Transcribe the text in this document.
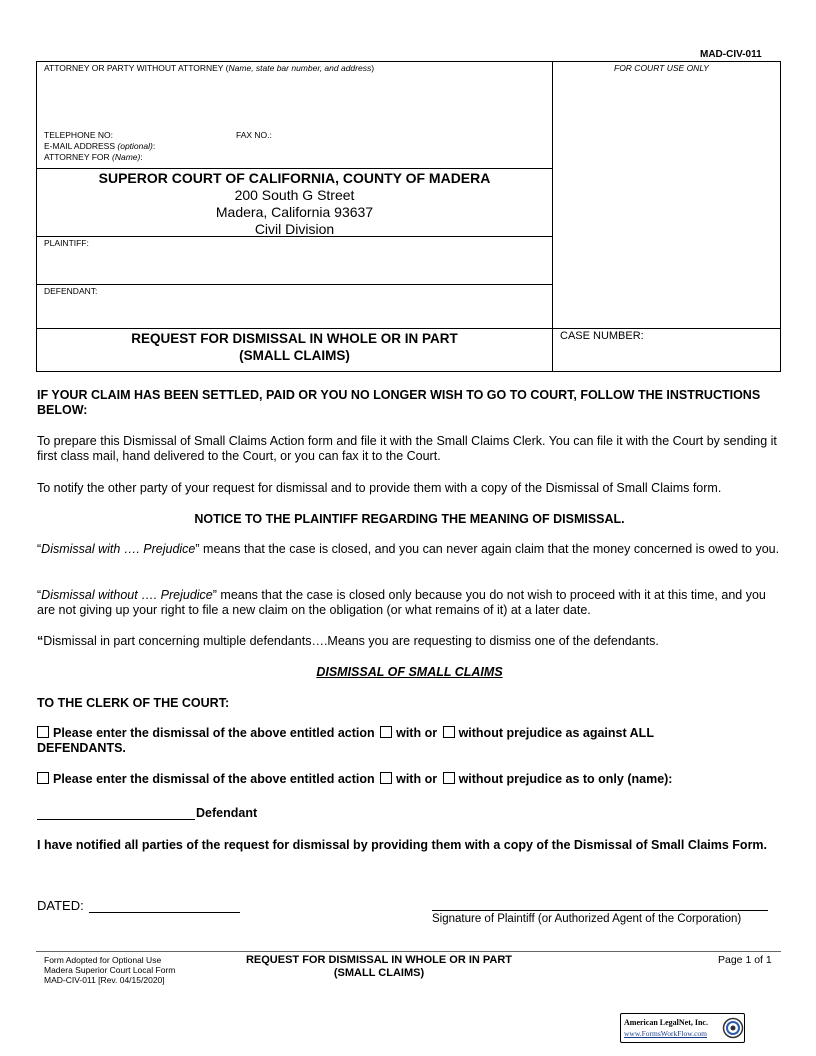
MAD-CIV-011
ATTORNEY OR PARTY WITHOUT ATTORNEY (Name, state bar number, and address)	FOR COURT USE ONLY
TELEPHONE NO:	FAX NO.:
E-MAIL ADDRESS (optional):
ATTORNEY FOR (Name):
SUPEROR COURT OF CALIFORNIA, COUNTY OF MADERA
200 South G Street
Madera, California 93637
Civil Division
PLAINTIFF:
DEFENDANT:
REQUEST FOR DISMISSAL IN WHOLE OR IN PART
(SMALL CLAIMS)
CASE NUMBER:
IF YOUR CLAIM HAS BEEN SETTLED, PAID OR YOU NO LONGER WISH TO GO TO COURT, FOLLOW THE INSTRUCTIONS BELOW:
To prepare this Dismissal of Small Claims Action form and file it with the Small Claims Clerk. You can file it with the Court by sending it first class mail, hand delivered to the Court, or you can fax it to the Court.
To notify the other party of your request for dismissal and to provide them with a copy of the Dismissal of Small Claims form.
NOTICE TO THE PLAINTIFF REGARDING THE MEANING OF DISMISSAL.
“Dismissal with …. Prejudice” means that the case is closed, and you can never again claim that the money concerned is owed to you.
“Dismissal without …. Prejudice” means that the case is closed only because you do not wish to proceed with it at this time, and you are not giving up your right to file a new claim on the obligation (or what remains of it) at a later date.
“Dismissal in part concerning multiple defendants….Means you are requesting to dismiss one of the defendants.
DISMISSAL OF SMALL CLAIMS
TO THE CLERK OF THE COURT:
Please enter the dismissal of the above entitled action with or without prejudice as against ALL
DEFENDANTS.
Please enter the dismissal of the above entitled action with or without prejudice as to only (name):
Defendant
I have notified all parties of the request for dismissal by providing them with a copy of the Dismissal of Small Claims Form.
DATED:
Signature of Plaintiff (or Authorized Agent of the Corporation)
Form Adopted for Optional Use
Madera Superior Court Local Form
MAD-CIV-011 [Rev. 04/15/2020]
REQUEST FOR DISMISSAL IN WHOLE OR IN PART
(SMALL CLAIMS)
Page 1 of 1
American LegalNet, Inc.
www.FormsWorkFlow.com
